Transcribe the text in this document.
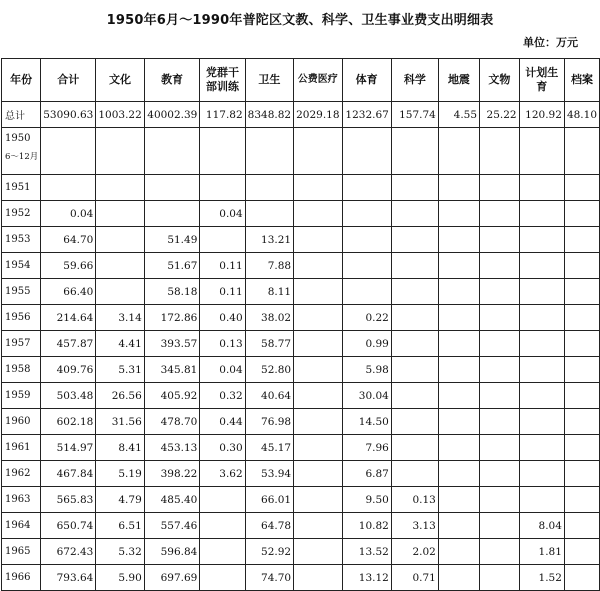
1950年6月～1990年普陀区文教、科学、卫生事业费支出明细表
单位：万元
年份	合计	文化	教育	党群干部训练	卫生	公费医疗	体育	科学	地震	文物	计划生育	档案
总计	53090.63	1003.22	40002.39	117.82	8348.82	2029.18	1232.67	157.74	4.55	25.22	120.92	48.10
1950
6～12月												
1951												
1952	0.04			0.04								
1953	64.70		51.49		13.21							
1954	59.66		51.67	0.11	7.88							
1955	66.40		58.18	0.11	8.11							
1956	214.64	3.14	172.86	0.40	38.02		0.22					
1957	457.87	4.41	393.57	0.13	58.77		0.99					
1958	409.76	5.31	345.81	0.04	52.80		5.98					
1959	503.48	26.56	405.92	0.32	40.64		30.04					
1960	602.18	31.56	478.70	0.44	76.98		14.50					
1961	514.97	8.41	453.13	0.30	45.17		7.96					
1962	467.84	5.19	398.22	3.62	53.94		6.87					
1963	565.83	4.79	485.40		66.01		9.50	0.13				
1964	650.74	6.51	557.46		64.78		10.82	3.13			8.04	
1965	672.43	5.32	596.84		52.92		13.52	2.02			1.81	
1966	793.64	5.90	697.69		74.70		13.12	0.71			1.52	
